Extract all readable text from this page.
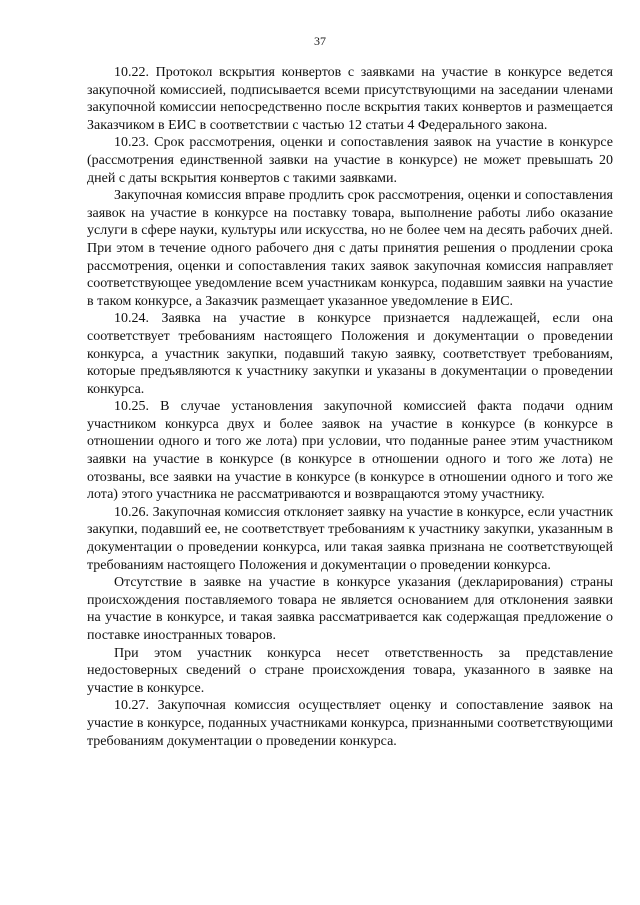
37

10.22. Протокол вскрытия конвертов с заявками на участие в конкурсе ведется закупочной комиссией, подписывается всеми присутствующими на заседании членами закупочной комиссии непосредственно после вскрытия таких конвертов и размещается Заказчиком в ЕИС в соответствии с частью 12 статьи 4 Федерального закона.

10.23. Срок рассмотрения, оценки и сопоставления заявок на участие в конкурсе (рассмотрения единственной заявки на участие в конкурсе) не может превышать 20 дней с даты вскрытия конвертов с такими заявками.

Закупочная комиссия вправе продлить срок рассмотрения, оценки и сопоставления заявок на участие в конкурсе на поставку товара, выполнение работы либо оказание услуги в сфере науки, культуры или искусства, но не более чем на десять рабочих дней. При этом в течение одного рабочего дня с даты принятия решения о продлении срока рассмотрения, оценки и сопоставления таких заявок закупочная комиссия направляет соответствующее уведомление всем участникам конкурса, подавшим заявки на участие в таком конкурсе, а Заказчик размещает указанное уведомление в ЕИС.

10.24. Заявка на участие в конкурсе признается надлежащей, если она соответствует требованиям настоящего Положения и документации о проведении конкурса, а участник закупки, подавший такую заявку, соответствует требованиям, которые предъявляются к участнику закупки и указаны в документации о проведении конкурса.

10.25. В случае установления закупочной комиссией факта подачи одним участником конкурса двух и более заявок на участие в конкурсе (в конкурсе в отношении одного и того же лота) при условии, что поданные ранее этим участником заявки на участие в конкурсе (в конкурсе в отношении одного и того же лота) не отозваны, все заявки на участие в конкурсе (в конкурсе в отношении одного и того же лота) этого участника не рассматриваются и возвращаются этому участнику.

10.26. Закупочная комиссия отклоняет заявку на участие в конкурсе, если участник закупки, подавший ее, не соответствует требованиям к участнику закупки, указанным в документации о проведении конкурса, или такая заявка признана не соответствующей требованиям настоящего Положения и документации о проведении конкурса.

Отсутствие в заявке на участие в конкурсе указания (декларирования) страны происхождения поставляемого товара не является основанием для отклонения заявки на участие в конкурсе, и такая заявка рассматривается как содержащая предложение о поставке иностранных товаров.

При этом участник конкурса несет ответственность за представление недостоверных сведений о стране происхождения товара, указанного в заявке на участие в конкурсе.

10.27. Закупочная комиссия осуществляет оценку и сопоставление заявок на участие в конкурсе, поданных участниками конкурса, признанными соответствующими требованиям документации о проведении конкурса.
